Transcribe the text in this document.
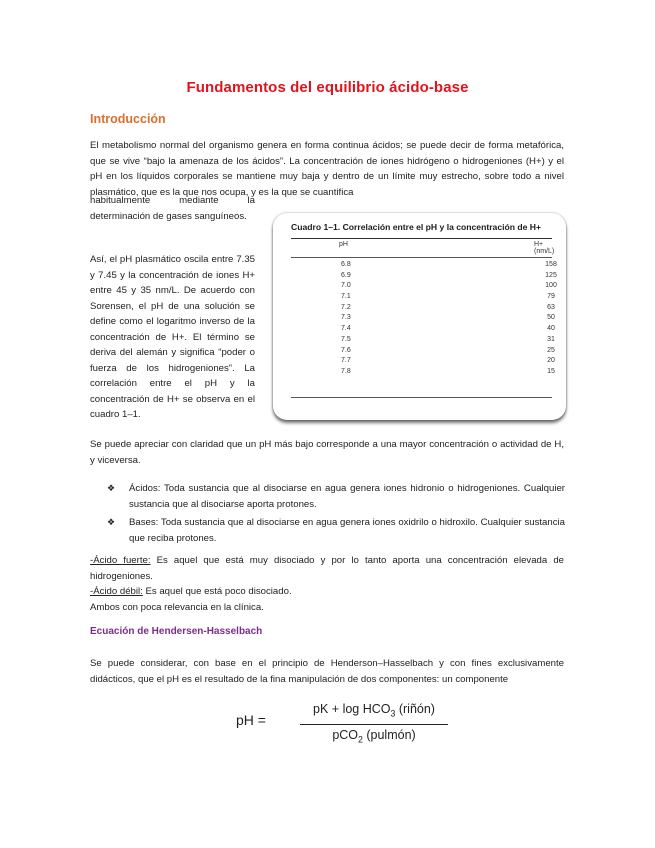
Fundamentos del equilibrio ácido-base
Introducción

El metabolismo normal del organismo genera en forma continua ácidos; se puede decir de forma metafórica, que se vive “bajo la amenaza de los ácidos”. La concentración de iones hidrógeno o hidrogeniones (H+) y el pH en los líquidos corporales se mantiene muy baja y dentro de un límite muy estrecho, sobre todo a nivel plasmático, que es la que nos ocupa, y es la que se cuantifica

habitualmente mediante la determinación de gases sanguíneos.

Así, el pH plasmático oscila entre 7.35 y 7.45 y la concentración de iones H+ entre 45 y 35 nm/L. De acuerdo con Sorensen, el pH de una solución se define como el logaritmo inverso de la concentración de H+. El término se deriva del alemán y significa “poder o fuerza de los hidrogeniones”. La correlación entre el pH y la concentración de H+ se observa en el cuadro 1–1.

Cuadro 1–1. Correlación entre el pH y la concentración de H+
pH	H+ (nm/L)
6.8	158
6.9	125
7.0	100
7.1	79
7.2	63
7.3	50
7.4	40
7.5	31
7.6	25
7.7	20
7.8	15

Se puede apreciar con claridad que un pH más bajo corresponde a una mayor concentración o actividad de H, y viceversa.

❖ Ácidos: Toda sustancia que al disociarse en agua genera iones hidronio o hidrogeniones. Cualquier sustancia que al disociarse aporta protones.
❖ Bases: Toda sustancia que al disociarse en agua genera iones oxidrilo o hidroxilo. Cualquier sustancia que reciba protones.
-Ácido fuerte: Es aquel que está muy disociado y por lo tanto aporta una concentración elevada de hidrogeniones.
-Ácido débil: Es aquel que está poco disociado.
Ambos con poca relevancia en la clínica.
Ecuación de Hendersen-Hasselbach

Se puede considerar, con base en el principio de Henderson–Hasselbach y con fines exclusivamente didácticos, que el pH es el resultado de la fina manipulación de dos componentes: un componente

pH =
pK + $\log HCO_3$ (riñón)
pCO$_2$ (pulmón)
